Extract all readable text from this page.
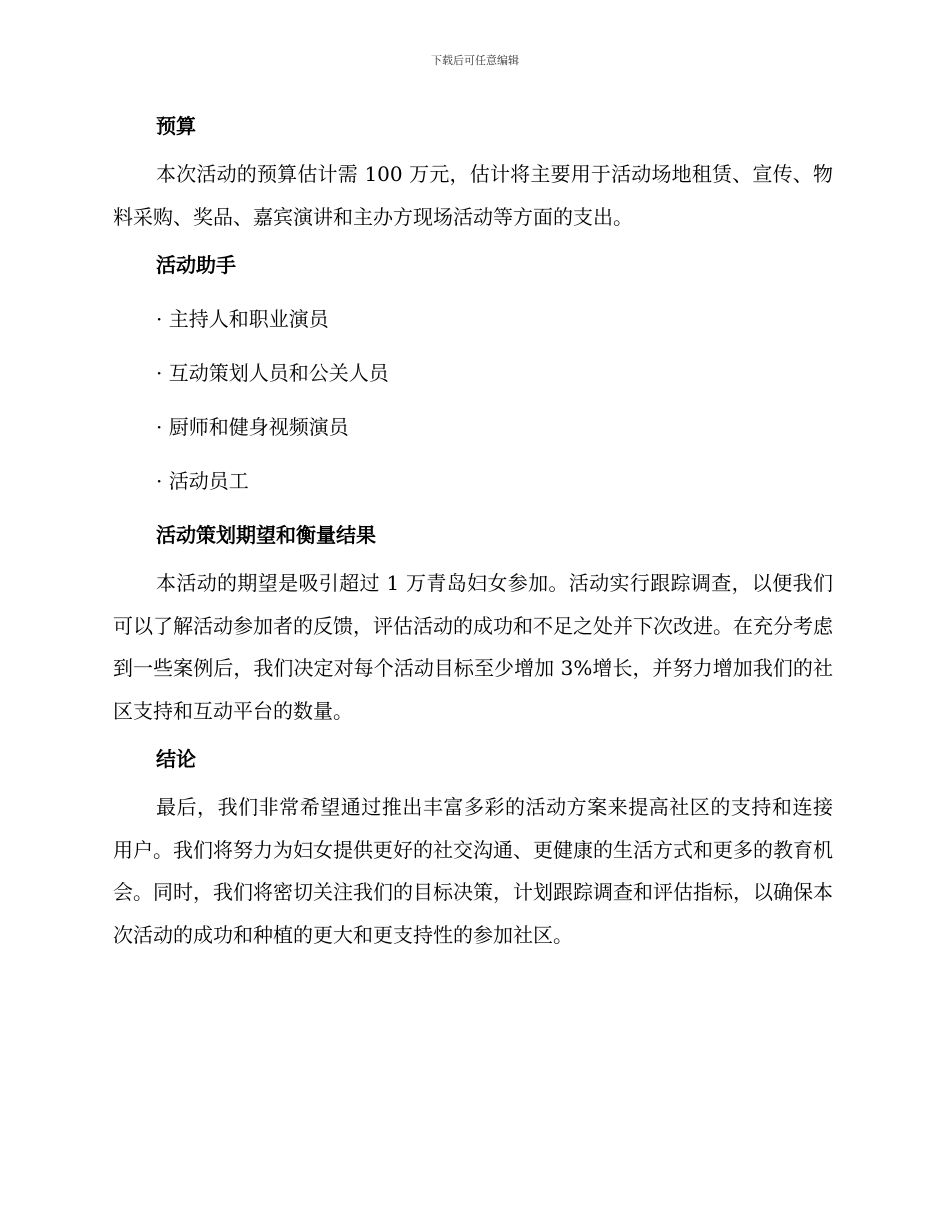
下载后可任意编辑
预算

本次活动的预算估计需 100 万元，估计将主要用于活动场地租赁、宣传、物料采购、奖品、嘉宾演讲和主办方现场活动等方面的支出。

活动助手

· 主持人和职业演员

· 互动策划人员和公关人员

· 厨师和健身视频演员

· 活动员工

活动策划期望和衡量结果

本活动的期望是吸引超过 1 万青岛妇女参加。活动实行跟踪调查，以便我们可以了解活动参加者的反馈，评估活动的成功和不足之处并下次改进。在充分考虑到一些案例后，我们决定对每个活动目标至少增加 3%增长，并努力增加我们的社区支持和互动平台的数量。

结论

最后，我们非常希望通过推出丰富多彩的活动方案来提高社区的支持和连接用户。我们将努力为妇女提供更好的社交沟通、更健康的生活方式和更多的教育机会。同时，我们将密切关注我们的目标决策，计划跟踪调查和评估指标，以确保本次活动的成功和种植的更大和更支持性的参加社区。
